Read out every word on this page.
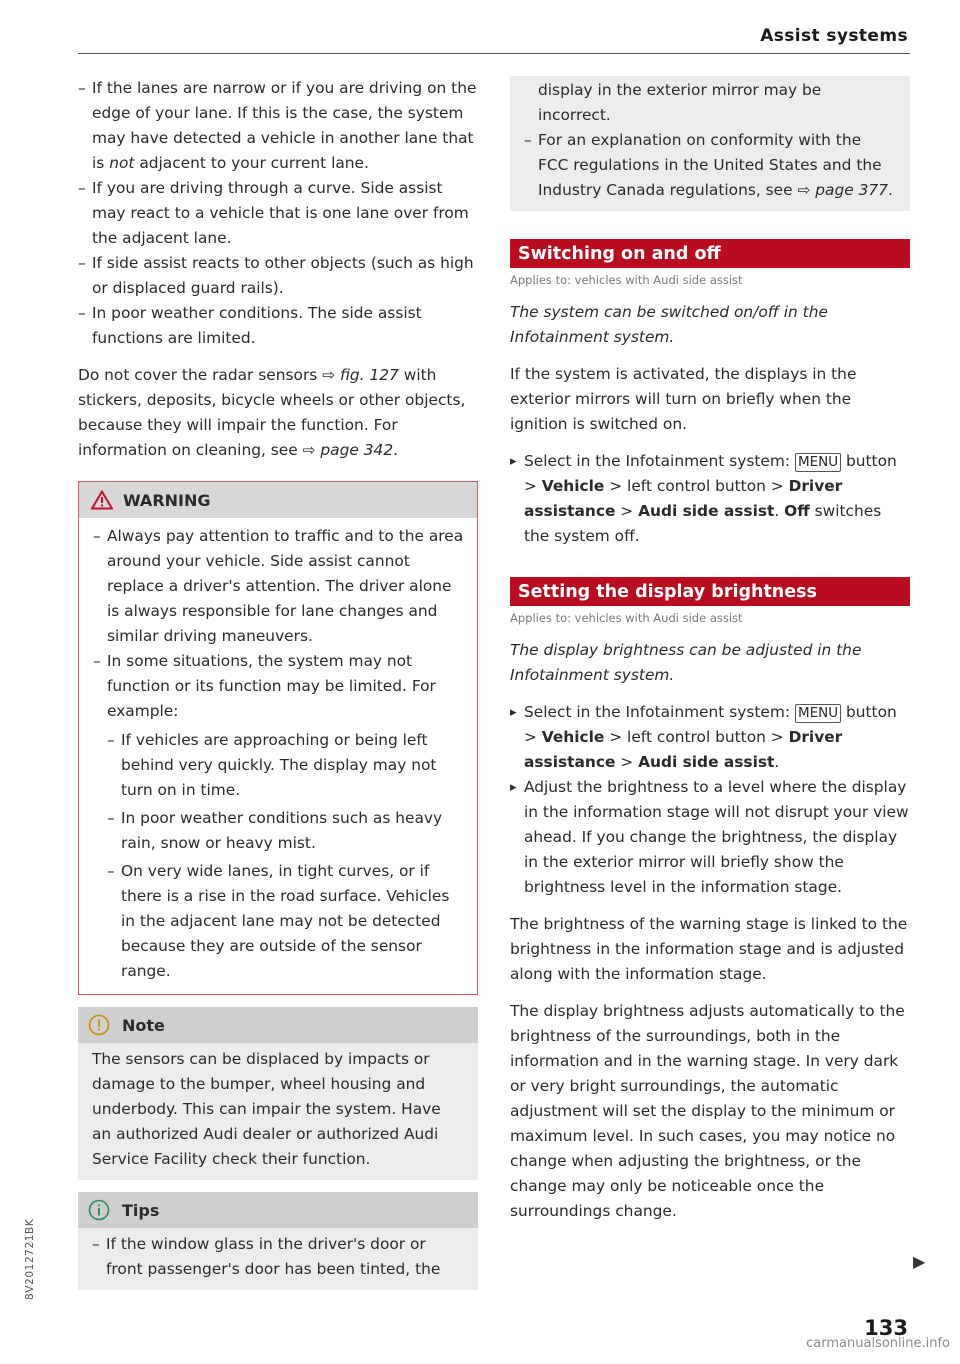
Assist systems
– If the lanes are narrow or if you are driving on the edge of your lane. If this is the case, the system may have detected a vehicle in another lane that is not adjacent to your current lane.
– If you are driving through a curve. Side assist may react to a vehicle that is one lane over from the adjacent lane.
– If side assist reacts to other objects (such as high or displaced guard rails).
– In poor weather conditions. The side assist functions are limited.

Do not cover the radar sensors ⇨ fig. 127 with stickers, deposits, bicycle wheels or other objects, because they will impair the function. For information on cleaning, see ⇨ page 342.

WARNING
– Always pay attention to traffic and to the area around your vehicle. Side assist cannot replace a driver's attention. The driver alone is always responsible for lane changes and similar driving maneuvers.
– In some situations, the system may not function or its function may be limited. For example:
– If vehicles are approaching or being left behind very quickly. The display may not turn on in time.
– In poor weather conditions such as heavy rain, snow or heavy mist.
– On very wide lanes, in tight curves, or if there is a rise in the road surface. Vehicles in the adjacent lane may not be detected because they are outside of the sensor range.
Note

The sensors can be displaced by impacts or damage to the bumper, wheel housing and underbody. This can impair the system. Have an authorized Audi dealer or authorized Audi Service Facility check their function.

Tips
– If the window glass in the driver's door or front passenger's door has been tinted, the

display in the exterior mirror may be incorrect.

– For an explanation on conformity with the FCC regulations in the United States and the Industry Canada regulations, see ⇨ page 377.
Switching on and off
Applies to: vehicles with Audi side assist

The system can be switched on/off in the Infotainment system.

If the system is activated, the displays in the exterior mirrors will turn on briefly when the ignition is switched on.

▸ Select in the Infotainment system: MENU button > Vehicle > left control button > Driver assistance > Audi side assist. Off switches the system off.
Setting the display brightness
Applies to: vehicles with Audi side assist

The display brightness can be adjusted in the Infotainment system.

▸ Select in the Infotainment system: MENU button > Vehicle > left control button > Driver assistance > Audi side assist.
▸ Adjust the brightness to a level where the display in the information stage will not disrupt your view ahead. If you change the brightness, the display in the exterior mirror will briefly show the brightness level in the information stage.

The brightness of the warning stage is linked to the brightness in the information stage and is adjusted along with the information stage.

The display brightness adjusts automatically to the brightness of the surroundings, both in the information and in the warning stage. In very dark or very bright surroundings, the automatic adjustment will set the display to the minimum or maximum level. In such cases, you may notice no change when adjusting the brightness, or the change may only be noticeable once the surroundings change.

▶
133
8V2012721BK
carmanualsonline.info
